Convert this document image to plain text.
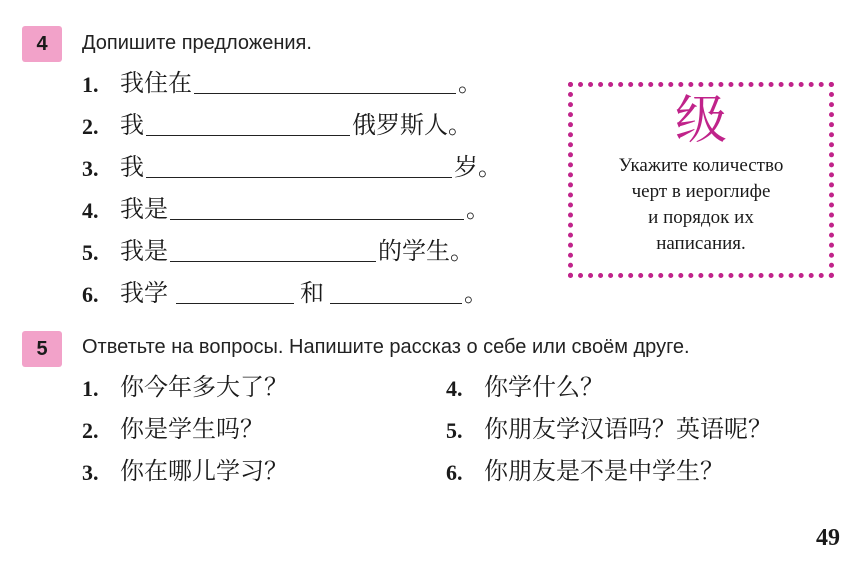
4	Допишите предложения.
1. 我住在	。
2. 我	俄罗斯人。
3. 我	岁。
4. 我是	。
5. 我是	的学生。
6. 我学	和	。
级
Укажите количество
черт в иероглифе
и порядок их
написания.
5	Ответьте на вопросы. Напишите рассказ о себе или своём друге.
1. 你今年多大了？
2. 你是学生吗？
3. 你在哪儿学习？
4. 你学什么？
5. 你朋友学汉语吗？英语呢？
6. 你朋友是不是中学生？
49
